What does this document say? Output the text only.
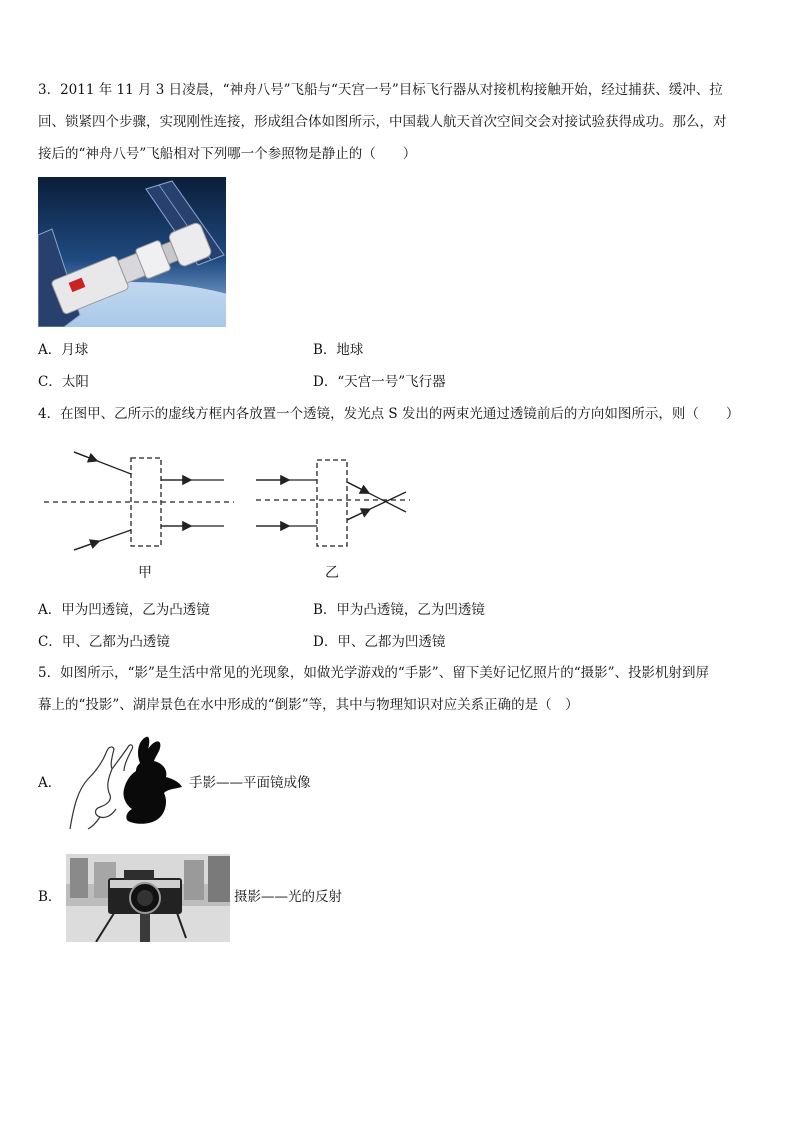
3．2011 年 11 月 3 日凌晨，“神舟八号”飞船与“天宫一号”目标飞行器从对接机构接触开始，经过捕获、缓冲、拉
回、锁紧四个步骤，实现刚性连接，形成组合体如图所示，中国载人航天首次空间交会对接试验获得成功。那么，对
接后的“神舟八号”飞船相对下列哪一个参照物是静止的（　　）
A．月球	B．地球
C．太阳	D．“天宫一号”飞行器
4．在图甲、乙所示的虚线方框内各放置一个透镜，发光点 S 发出的两束光通过透镜前后的方向如图所示，则（　　）
甲	乙
A．甲为凹透镜，乙为凸透镜	B．甲为凸透镜，乙为凹透镜
C．甲、乙都为凸透镜	D．甲、乙都为凹透镜
5．如图所示，“影”是生活中常见的光现象，如做光学游戏的“手影”、留下美好记忆照片的“摄影”、投影机射到屏
幕上的“投影”、湖岸景色在水中形成的“倒影”等，其中与物理知识对应关系正确的是（　）
A．	手影——平面镜成像
B．	摄影——光的反射
